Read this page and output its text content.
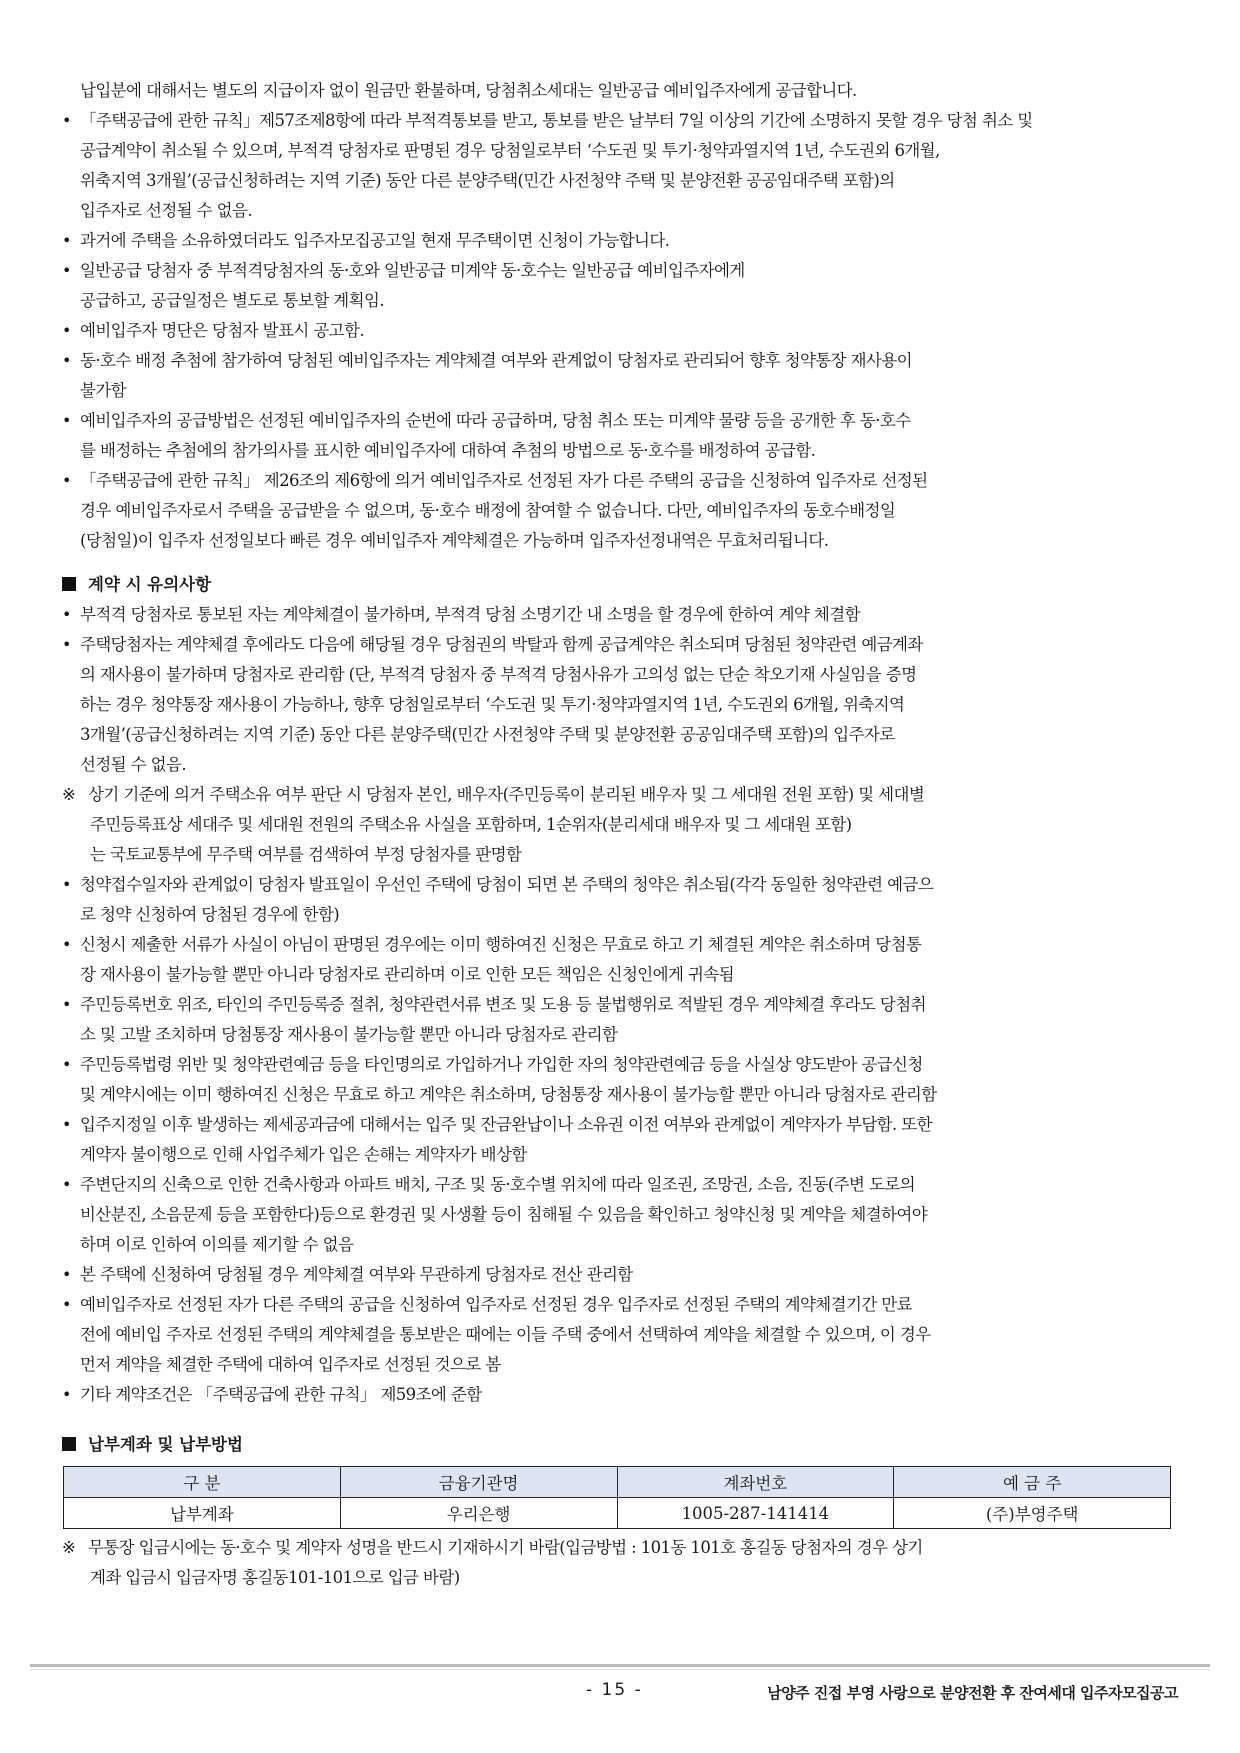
납입분에 대해서는 별도의 지급이자 없이 원금만 환불하며, 당첨취소세대는 일반공급 예비입주자에게 공급합니다.
• 「주택공급에 관한 규칙」제57조제8항에 따라 부적격통보를 받고, 통보를 받은 날부터 7일 이상의 기간에 소명하지 못할 경우 당첨 취소 및
공급계약이 취소될 수 있으며, 부적격 당첨자로 판명된 경우 당첨일로부터 ‘수도권 및 투기·청약과열지역 1년, 수도권외 6개월,
위축지역 3개월’(공급신청하려는 지역 기준) 동안 다른 분양주택(민간 사전청약 주택 및 분양전환 공공임대주택 포함)의
입주자로 선정될 수 없음.
• 과거에 주택을 소유하였더라도 입주자모집공고일 현재 무주택이면 신청이 가능합니다.
• 일반공급 당첨자 중 부적격당첨자의 동·호와 일반공급 미계약 동·호수는 일반공급 예비입주자에게
공급하고, 공급일정은 별도로 통보할 계획임.
• 예비입주자 명단은 당첨자 발표시 공고함.
• 동·호수 배정 추첨에 참가하여 당첨된 예비입주자는 계약체결 여부와 관계없이 당첨자로 관리되어 향후 청약통장 재사용이
불가함
• 예비입주자의 공급방법은 선정된 예비입주자의 순번에 따라 공급하며, 당첨 취소 또는 미계약 물량 등을 공개한 후 동·호수
를 배정하는 추첨에의 참가의사를 표시한 예비입주자에 대하여 추첨의 방법으로 동·호수를 배정하여 공급함.
• 「주택공급에 관한 규칙」 제26조의 제6항에 의거 예비입주자로 선정된 자가 다른 주택의 공급을 신청하여 입주자로 선정된
경우 예비입주자로서 주택을 공급받을 수 없으며, 동·호수 배정에 참여할 수 없습니다. 다만, 예비입주자의 동호수배정일
(당첨일)이 입주자 선정일보다 빠른 경우 예비입주자 계약체결은 가능하며 입주자선정내역은 무효처리됩니다.
계약 시 유의사항
• 부적격 당첨자로 통보된 자는 계약체결이 불가하며, 부적격 당첨 소명기간 내 소명을 할 경우에 한하여 계약 체결함
• 주택당첨자는 계약체결 후에라도 다음에 해당될 경우 당첨권의 박탈과 함께 공급계약은 취소되며 당첨된 청약관련 예금계좌
의 재사용이 불가하며 당첨자로 관리함 (단, 부적격 당첨자 중 부적격 당첨사유가 고의성 없는 단순 착오기재 사실임을 증명
하는 경우 청약통장 재사용이 가능하나, 향후 당첨일로부터 ‘수도권 및 투기·청약과열지역 1년, 수도권외 6개월, 위축지역
3개월’(공급신청하려는 지역 기준) 동안 다른 분양주택(민간 사전청약 주택 및 분양전환 공공임대주택 포함)의 입주자로
선정될 수 없음.
※ 상기 기준에 의거 주택소유 여부 판단 시 당첨자 본인, 배우자(주민등록이 분리된 배우자 및 그 세대원 전원 포함) 및 세대별
주민등록표상 세대주 및 세대원 전원의 주택소유 사실을 포함하며, 1순위자(분리세대 배우자 및 그 세대원 포함)
는 국토교통부에 무주택 여부를 검색하여 부정 당첨자를 판명함
• 청약접수일자와 관계없이 당첨자 발표일이 우선인 주택에 당첨이 되면 본 주택의 청약은 취소됨(각각 동일한 청약관련 예금으
로 청약 신청하여 당첨된 경우에 한함)
• 신청시 제출한 서류가 사실이 아님이 판명된 경우에는 이미 행하여진 신청은 무효로 하고 기 체결된 계약은 취소하며 당첨통
장 재사용이 불가능할 뿐만 아니라 당첨자로 관리하며 이로 인한 모든 책임은 신청인에게 귀속됨
• 주민등록번호 위조, 타인의 주민등록증 절취, 청약관련서류 변조 및 도용 등 불법행위로 적발된 경우 계약체결 후라도 당첨취
소 및 고발 조치하며 당첨통장 재사용이 불가능할 뿐만 아니라 당첨자로 관리함
• 주민등록법령 위반 및 청약관련예금 등을 타인명의로 가입하거나 가입한 자의 청약관련예금 등을 사실상 양도받아 공급신청
및 계약시에는 이미 행하여진 신청은 무효로 하고 계약은 취소하며, 당첨통장 재사용이 불가능할 뿐만 아니라 당첨자로 관리함
• 입주지정일 이후 발생하는 제세공과금에 대해서는 입주 및 잔금완납이나 소유권 이전 여부와 관계없이 계약자가 부담함. 또한
계약자 불이행으로 인해 사업주체가 입은 손해는 계약자가 배상함
• 주변단지의 신축으로 인한 건축사항과 아파트 배치, 구조 및 동·호수별 위치에 따라 일조권, 조망권, 소음, 진동(주변 도로의
비산분진, 소음문제 등을 포함한다)등으로 환경권 및 사생활 등이 침해될 수 있음을 확인하고 청약신청 및 계약을 체결하여야
하며 이로 인하여 이의를 제기할 수 없음
• 본 주택에 신청하여 당첨될 경우 계약체결 여부와 무관하게 당첨자로 전산 관리함
• 예비입주자로 선정된 자가 다른 주택의 공급을 신청하여 입주자로 선정된 경우 입주자로 선정된 주택의 계약체결기간 만료
전에 예비입 주자로 선정된 주택의 계약체결을 통보받은 때에는 이들 주택 중에서 선택하여 계약을 체결할 수 있으며, 이 경우
먼저 계약을 체결한 주택에 대하여 입주자로 선정된 것으로 봄
• 기타 계약조건은 「주택공급에 관한 규칙」 제59조에 준함
납부계좌 및 납부방법
구 분	금융기관명	계좌번호	예 금 주
납부계좌	우리은행	1005-287-141414	(주)부영주택
※ 무통장 입금시에는 동·호수 및 계약자 성명을 반드시 기재하시기 바람(입금방법 : 101동 101호 홍길동 당첨자의 경우 상기
계좌 입금시 입금자명 홍길동101-101으로 입금 바람)
- 15 -	남양주 진접 부영 사랑으로 분양전환 후 잔여세대 입주자모집공고
